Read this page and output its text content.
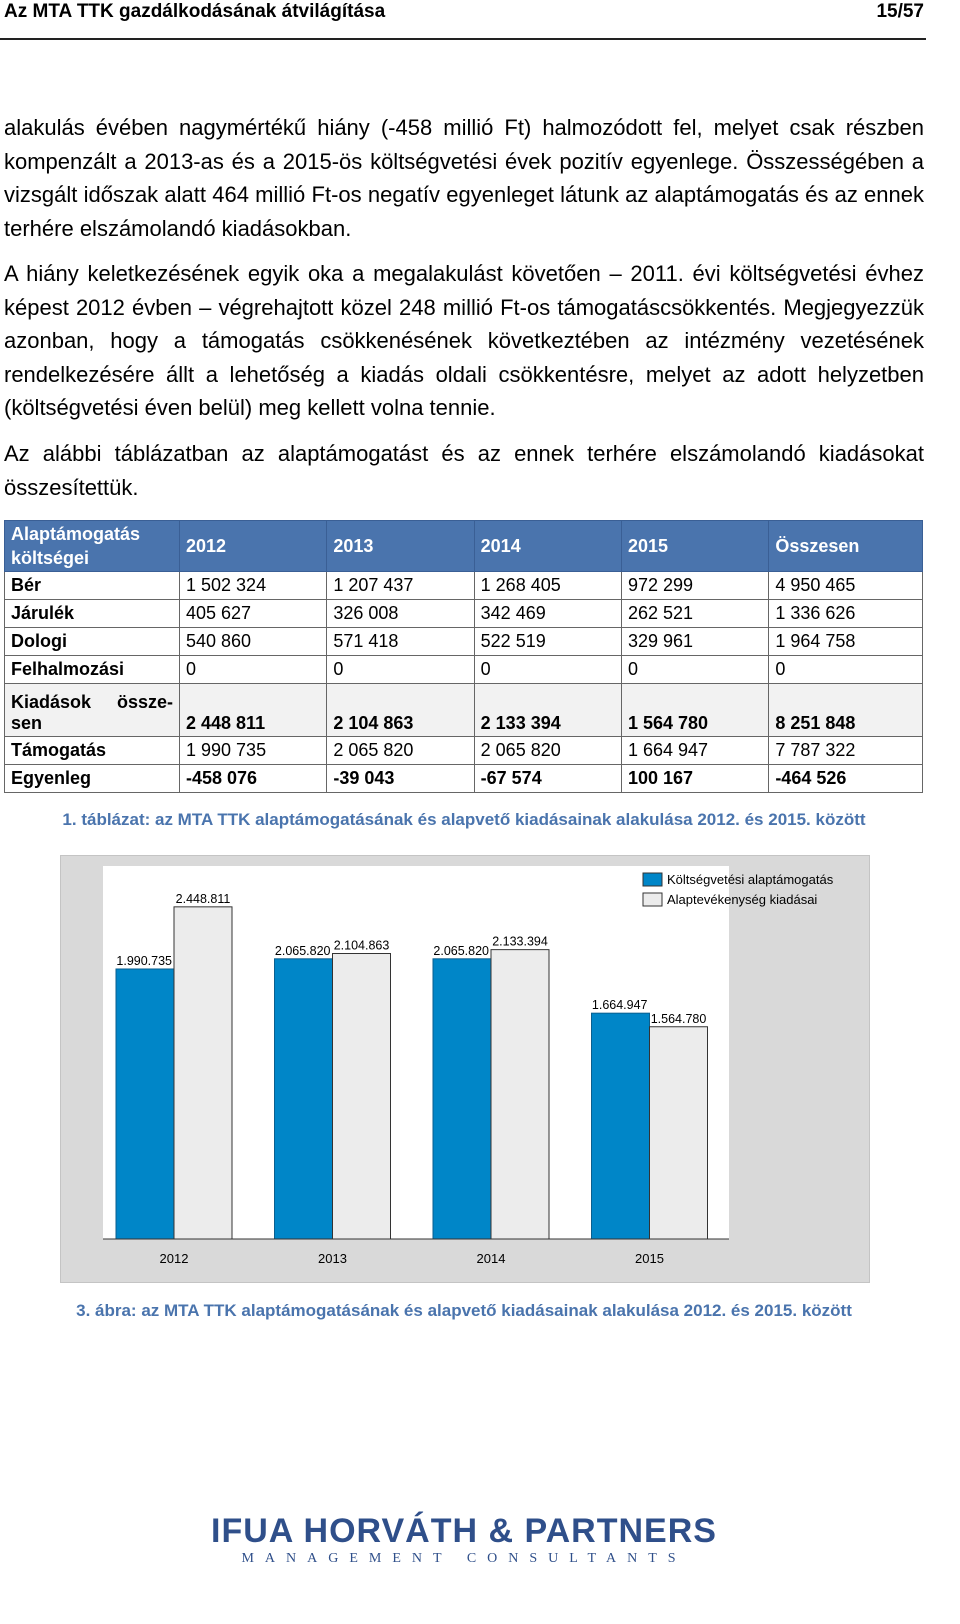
Az MTA TTK gazdálkodásának átvilágítása	15/57

alakulás évében nagymértékű hiány (-458 millió Ft) halmozódott fel, melyet csak részben kompenzált a 2013-as és a 2015-ös költségvetési évek pozitív egyenlege. Összességében a vizsgált időszak alatt 464 millió Ft-os negatív egyenleget látunk az alaptámogatás és az ennek terhére elszámolandó kiadásokban.

A hiány keletkezésének egyik oka a megalakulást követően – 2011. évi költségvetési évhez képest 2012 évben – végrehajtott közel 248 millió Ft-os támogatáscsökkentés. Megjegyezzük azonban, hogy a támogatás csökkenésének következtében az intézmény vezetésének rendelkezésére állt a lehetőség a kiadás oldali csökkentésre, melyet az adott helyzetben (költségvetési éven belül) meg kellett volna tennie.

Az alábbi táblázatban az alaptámogatást és az ennek terhére elszámolandó kiadásokat összesítettük.

Alaptámogatás költségei	2012	2013	2014	2015	Összesen
Bér	1 502 324	1 207 437	1 268 405	972 299	4 950 465
Járulék	405 627	326 008	342 469	262 521	1 336 626
Dologi	540 860	571 418	522 519	329 961	1 964 758
Felhalmozási	0	0	0	0	0

Kiadások össze-
sen	2 448 811	2 104 863	2 133 394	1 564 780	8 251 848
Támogatás	1 990 735	2 065 820	2 065 820	1 664 947	7 787 322
Egyenleg	-458 076	-39 043	-67 574	100 167	-464 526
1. táblázat: az MTA TTK alaptámogatásának és alapvető kiadásainak alakulása 2012. és 2015. között
1.990.735
2.448.811
2012
2.065.820 2.104.863
2013
2.065.820
2.133.394
2014
1.664.947
1.564.780
2015
Költségvetési alaptámogatás
Alaptevékenység kiadásai
3. ábra: az MTA TTK alaptámogatásának és alapvető kiadásainak alakulása 2012. és 2015. között
IFUA HORVÁTH & PARTNERS
MANAGEMENT CONSULTANTS
